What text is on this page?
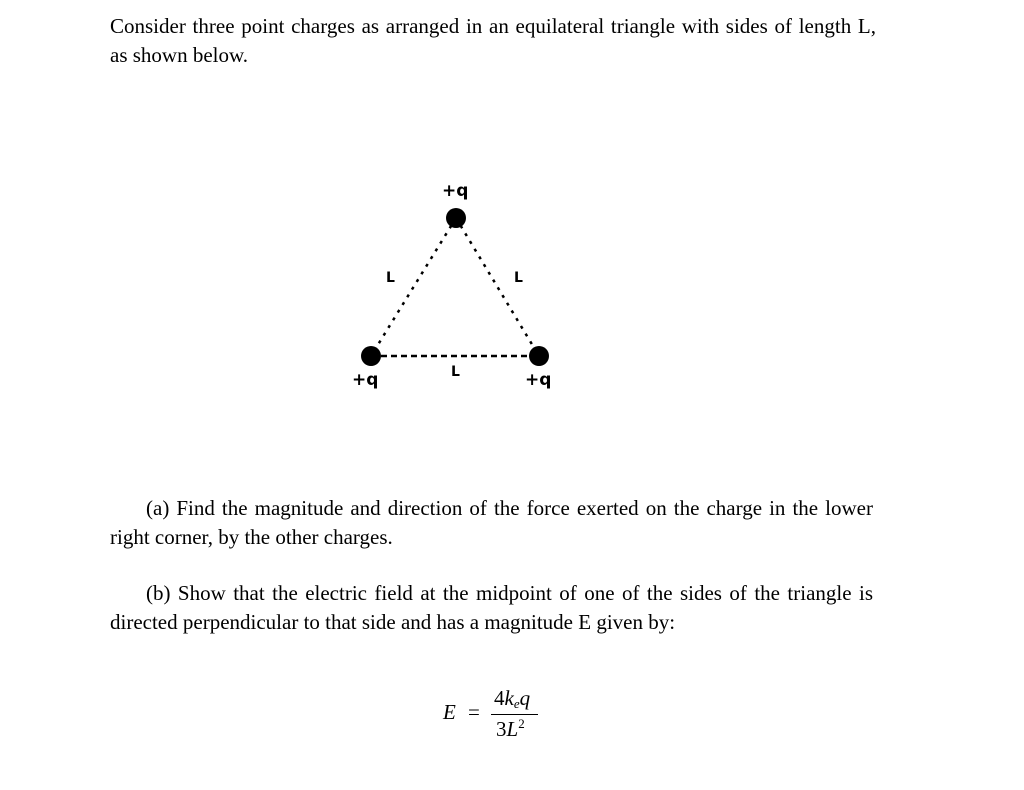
Consider three point charges as arranged in an equilateral triangle with sides of length L, as shown below.

+q
+q	+q
L	L
L

(a) Find the magnitude and direction of the force exerted on the charge in the lower right corner, by the other charges.

(b) Show that the electric field at the midpoint of one of the sides of the triangle is directed perpendicular to that side and has a magnitude E given by:

E =
$4k_eq$
$3L^2$
